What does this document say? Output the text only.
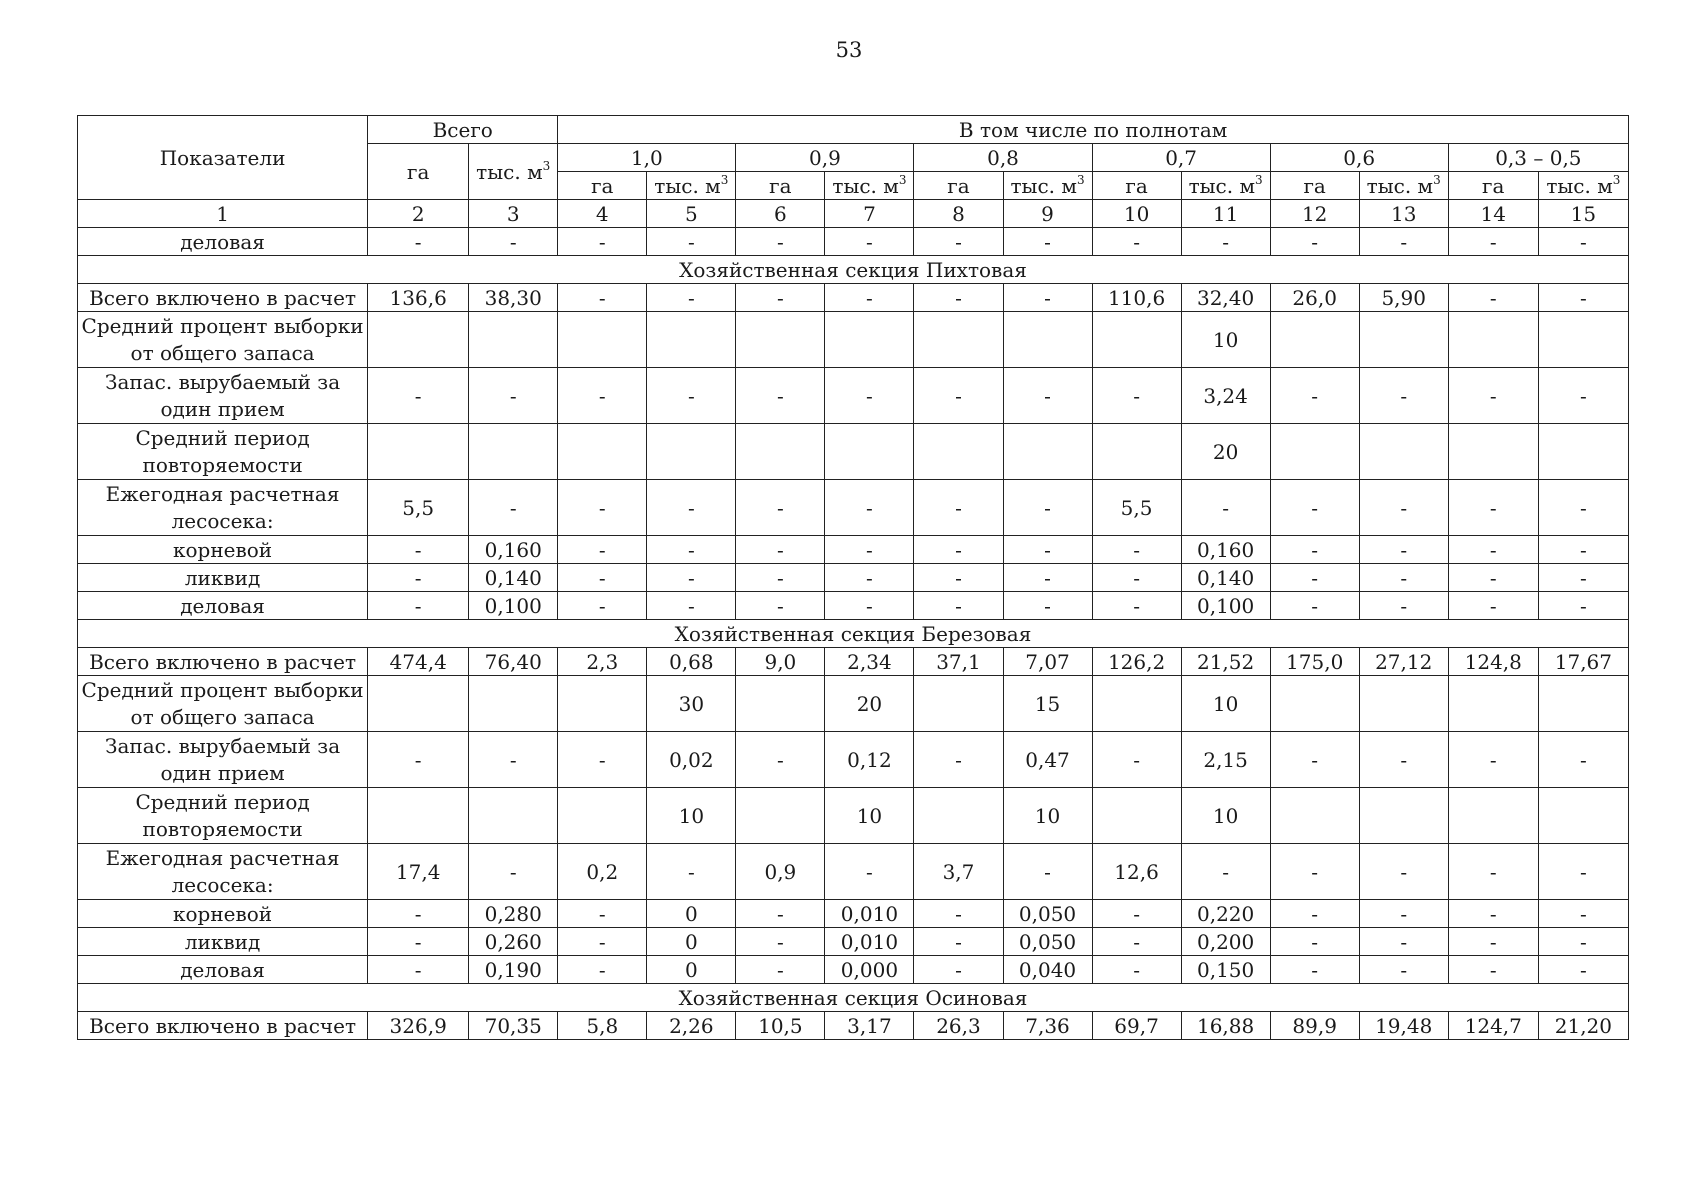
53
Показатели	Всего		В том числе по полнотам											
	га	тыс. $м^3$	1,0		0,9		0,8		0,7		0,6		0,3 – 0,5	
			га	тыс. $м^3$	га	тыс. $м^3$	га	тыс. $м^3$	га	тыс. $м^3$	га	тыс. $м^3$	га	тыс. $м^3$
1	2	3	4	5	6	7	8	9	10	11	12	13	14	15
деловая	-	-	-	-	-	-	-	-	-	-	-	-	-	-
Хозяйственная секция Пихтовая														
Всего включено в расчет	136,6	38,30	-	-	-	-	-	-	110,6	32,40	26,0	5,90	-	-
Средний процент выборки от общего запаса										10				
Запас. вырубаемый за один прием	-	-	-	-	-	-	-	-	-	3,24	-	-	-	-
Средний период повторяемости										20				
Ежегодная расчетная лесосека:	5,5	-	-	-	-	-	-	-	5,5	-	-	-	-	-
корневой	-	0,160	-	-	-	-	-	-	-	0,160	-	-	-	-
ликвид	-	0,140	-	-	-	-	-	-	-	0,140	-	-	-	-
деловая	-	0,100	-	-	-	-	-	-	-	0,100	-	-	-	-
Хозяйственная секция Березовая														
Всего включено в расчет	474,4	76,40	2,3	0,68	9,0	2,34	37,1	7,07	126,2	21,52	175,0	27,12	124,8	17,67
Средний процент выборки от общего запаса				30		20		15		10				
Запас. вырубаемый за один прием	-	-	-	0,02	-	0,12	-	0,47	-	2,15	-	-	-	-
Средний период повторяемости				10		10		10		10				
Ежегодная расчетная лесосека:	17,4	-	0,2	-	0,9	-	3,7	-	12,6	-	-	-	-	-
корневой	-	0,280	-	0	-	0,010	-	0,050	-	0,220	-	-	-	-
ликвид	-	0,260	-	0	-	0,010	-	0,050	-	0,200	-	-	-	-
деловая	-	0,190	-	0	-	0,000	-	0,040	-	0,150	-	-	-	-
Хозяйственная секция Осиновая														
Всего включено в расчет	326,9	70,35	5,8	2,26	10,5	3,17	26,3	7,36	69,7	16,88	89,9	19,48	124,7	21,20
